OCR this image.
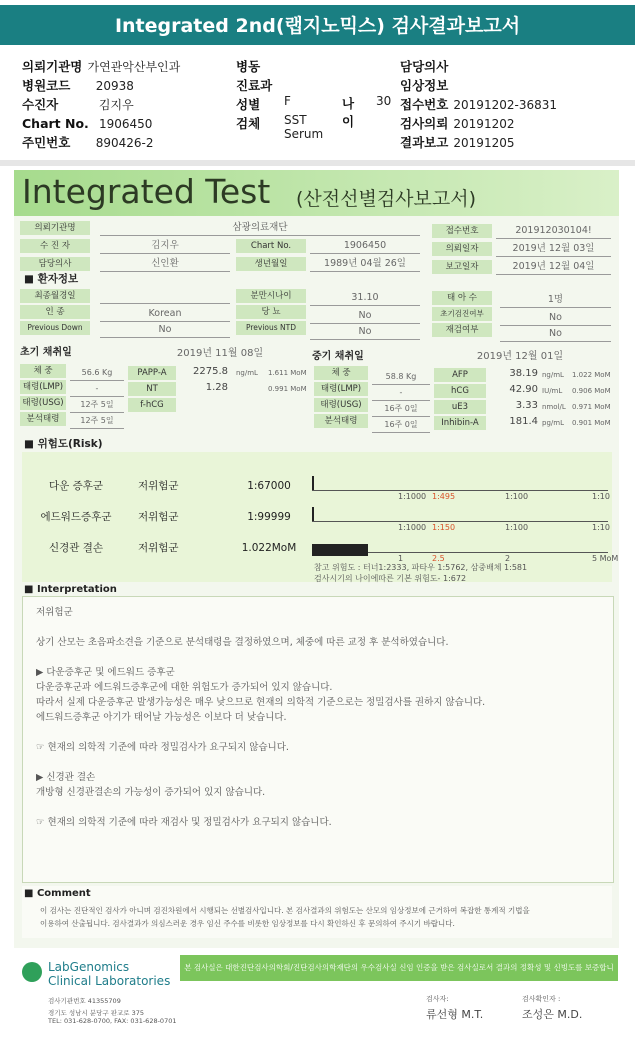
Integrated 2nd(랩지노믹스) 검사결과보고서
의뢰기관명 가연관악산부인과
병원코드 20938
수진자	김지우
Chart No. 1906450
주민번호 890426-2
병동
진료과
성별 F	나이
30
검체 SST Serum
담당의사
임상정보
접수번호 20191202-36831
검사의뢰 20191202
결과보고 20191205
Integrated Test (산전선별검사보고서)
의뢰기관명	삼광의료재단
수 진 자	김지우	Chart No.	1906450
담당의사	신인환	생년월일	1989년 04월 26일
접수번호	201912030104!
의뢰일자	2019년 12월 03일
보고일자	2019년 12월 04일
■ 환자정보
최종월경일
인 종	Korean
Previous Down	No
분만시나이	31.10
당 뇨	No
Previous NTD	No
태 아 수	1명
초기검진여부	No
재검여부	No
초기 채취일	2019년 11월 08일
체 중	56.6 Kg
태령(LMP)	-
태령(USG)	12주 5일
분석태령	12주 5일
중기 채취일	2019년 12월 01일
체 중	58.8 Kg
태령(LMP)	-
태령(USG)	16주 0일
분석태령	16주 0일
■ 위험도(Risk)
참고 위험도 : 터너1:2333, 파타우 1:5762, 삼중배체 1:581
검사시기의 나이에따른 기본 위험도- 1:672
■ Interpretation
■ Comment
이 검사는 진단적인 검사가 아니며 검진차원에서 시행되는 선별검사입니다. 본 검사결과의 위험도는 산모의 임상정보에 근거하여 복잡한 통계적 기법을
이용하여 산출됩니다. 검사결과가 의심스러운 경우 임신 주수를 비롯한 임상정보를 다시 확인하신 후 문의하여 주시기 바랍니다.
본 검사실은 대한진단검사의학회/진단검사의학재단의 우수검사실 신임 인증을 받은 검사실로서 결과의 정확성 및 신빙도를 보증합니다.
LabGenomics
Clinical Laboratories
검사기관번호 41355709
경기도 성남시 분당구 판교로 375
TEL: 031-628-0700, FAX: 031-628-0701
검사자:
류선형 M.T.
검사확인자 :
조성은 M.D.
PAPP-A	2275.8 ng/mL 1.611 MoM
NT	1.28	0.991 MoM
f-hCG
AFP	38.19 ng/mL 1.022 MoM
hCG	42.90 IU/mL 0.906 MoM
uE3	3.33 nmol/L 0.971 MoM
Inhibin-A	181.4 pg/mL 0.901 MoM
다운 증후군	저위험군	1:67000
1:1000 1:495	1:100	1:10
에드워드증후군	저위험군	1:99999
1:1000 1:150	1:100	1:10
신경관 결손	저위험군	1.022MoM
1	2.5	2	5 MoM
저위험군
상기 산모는 초음파소견을 기준으로 분석태령을 결정하였으며, 체중에 따른 교정 후 분석하였습니다.
▶ 다운증후군 및 에드워드 증후군
다운증후군과 에드워드증후군에 대한 위험도가 증가되어 있지 않습니다.
따라서 실제 다운증후군 발생가능성은 매우 낮으므로 현재의 의학적 기준으로는 정밀검사를 권하지 않습니다.
에드워드증후군 아기가 태어날 가능성은 이보다 더 낮습니다.
☞ 현재의 의학적 기준에 따라 정밀검사가 요구되지 않습니다.
▶ 신경관 결손
개방형 신경관결손의 가능성이 증가되어 있지 않습니다.
☞ 현재의 의학적 기준에 따라 재검사 및 정밀검사가 요구되지 않습니다.
